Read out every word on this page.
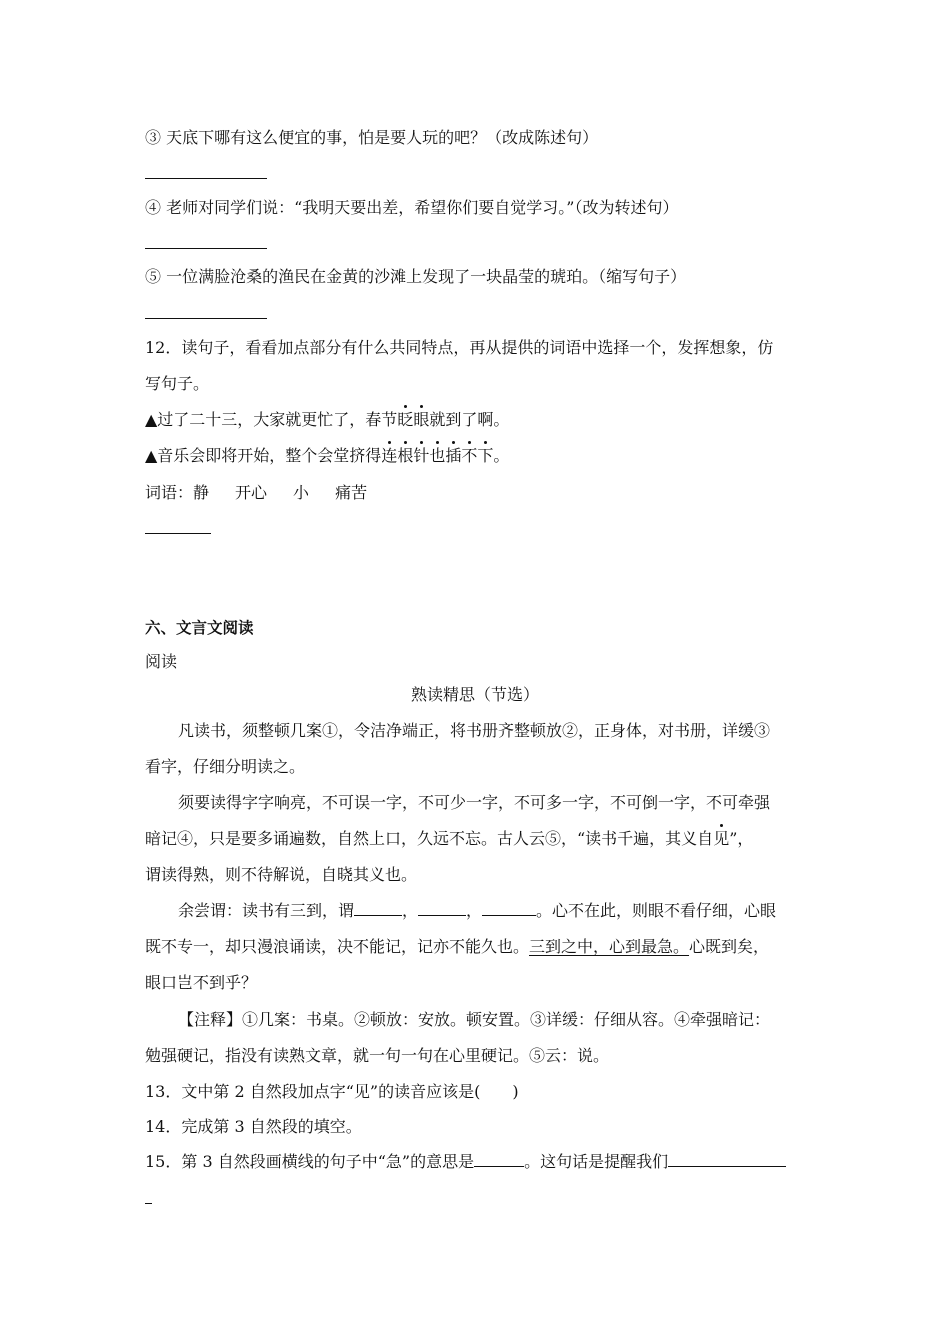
③ 天底下哪有这么便宜的事，怕是要人玩的吧？（改成陈述句）
④ 老师对同学们说：“我明天要出差，希望你们要自觉学习。”（改为转述句）
⑤ 一位满脸沧桑的渔民在金黄的沙滩上发现了一块晶莹的琥珀。（缩写句子）
12．读句子，看看加点部分有什么共同特点，再从提供的词语中选择一个，发挥想象，仿
写句子。
▲过了二十三，大家就更忙了，春节眨眼就到了啊。
▲音乐会即将开始，整个会堂挤得连根针也插不下。
词语：静 开心 小 痛苦
六、文言文阅读
阅读
熟读精思（节选）
凡读书，须整顿几案①，令洁净端正，将书册齐整顿放②，正身体，对书册，详缓③
看字，仔细分明读之。
须要读得字字响亮，不可误一字，不可少一字，不可多一字，不可倒一字，不可牵强
暗记④，只是要多诵遍数，自然上口，久远不忘。古人云⑤，“读书千遍，其义自见”，
谓读得熟，则不待解说，自晓其义也。
余尝谓：读书有三到，谓	，	，	。心不在此，则眼不看仔细，心眼
既不专一，却只漫浪诵读，决不能记，记亦不能久也。三到之中，心到最急。心既到矣，
眼口岂不到乎？
【注释】①几案：书桌。②顿放：安放。顿安置。③详缓：仔细从容。④牵强暗记：
勉强硬记，指没有读熟文章，就一句一句在心里硬记。⑤云：说。
13．文中第 2 自然段加点字“见”的读音应该是(　　)
14．完成第 3 自然段的填空。
15．第 3 自然段画横线的句子中“急”的意思是	。这句话是提醒我们
